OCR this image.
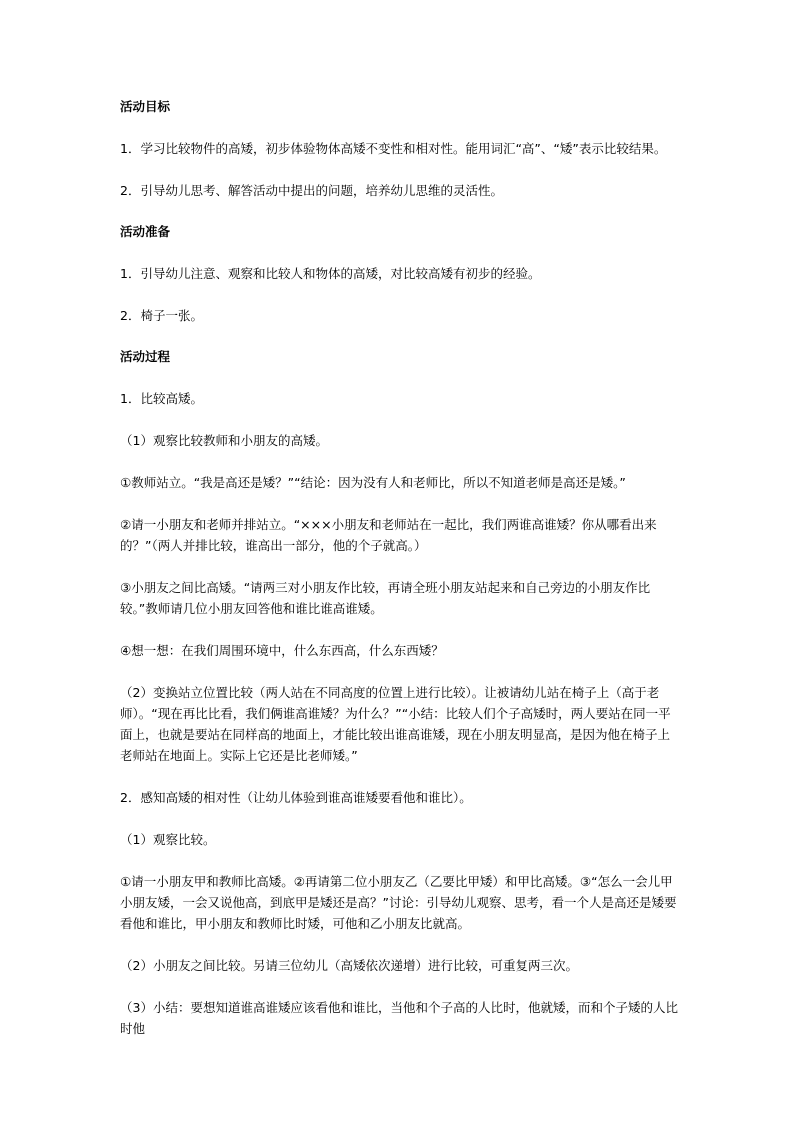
活动目标
1．学习比较物件的高矮，初步体验物体高矮不变性和相对性。能用词汇“高”、“矮”表示比较结果。
2．引导幼儿思考、解答活动中提出的问题，培养幼儿思维的灵活性。
活动准备
1．引导幼儿注意、观察和比较人和物体的高矮，对比较高矮有初步的经验。
2．椅子一张。
活动过程
1．比较高矮。
（1）观察比较教师和小朋友的高矮。
①教师站立。“我是高还是矮？”“结论：因为没有人和老师比，所以不知道老师是高还是矮。”
②请一小朋友和老师并排站立。“×××小朋友和老师站在一起比，我们两谁高谁矮？你从哪看出来的？”（两人并排比较，谁高出一部分，他的个子就高。）
③小朋友之间比高矮。“请两三对小朋友作比较，再请全班小朋友站起来和自己旁边的小朋友作比较。”教师请几位小朋友回答他和谁比谁高谁矮。
④想一想：在我们周围环境中，什么东西高，什么东西矮？
（2）变换站立位置比较（两人站在不同高度的位置上进行比较）。让被请幼儿站在椅子上（高于老师）。“现在再比比看，我们俩谁高谁矮？为什么？”“小结：比较人们个子高矮时，两人要站在同一平面上，也就是要站在同样高的地面上，才能比较出谁高谁矮，现在小朋友明显高，是因为他在椅子上老师站在地面上。实际上它还是比老师矮。”
2．感知高矮的相对性（让幼儿体验到谁高谁矮要看他和谁比）。
（1）观察比较。
①请一小朋友甲和教师比高矮。②再请第二位小朋友乙（乙要比甲矮）和甲比高矮。③“怎么一会儿甲小朋友矮，一会又说他高，到底甲是矮还是高？”讨论：引导幼儿观察、思考，看一个人是高还是矮要看他和谁比，甲小朋友和教师比时矮，可他和乙小朋友比就高。
（2）小朋友之间比较。另请三位幼儿（高矮依次递增）进行比较，可重复两三次。
（3）小结：要想知道谁高谁矮应该看他和谁比，当他和个子高的人比时，他就矮，而和个子矮的人比时他
